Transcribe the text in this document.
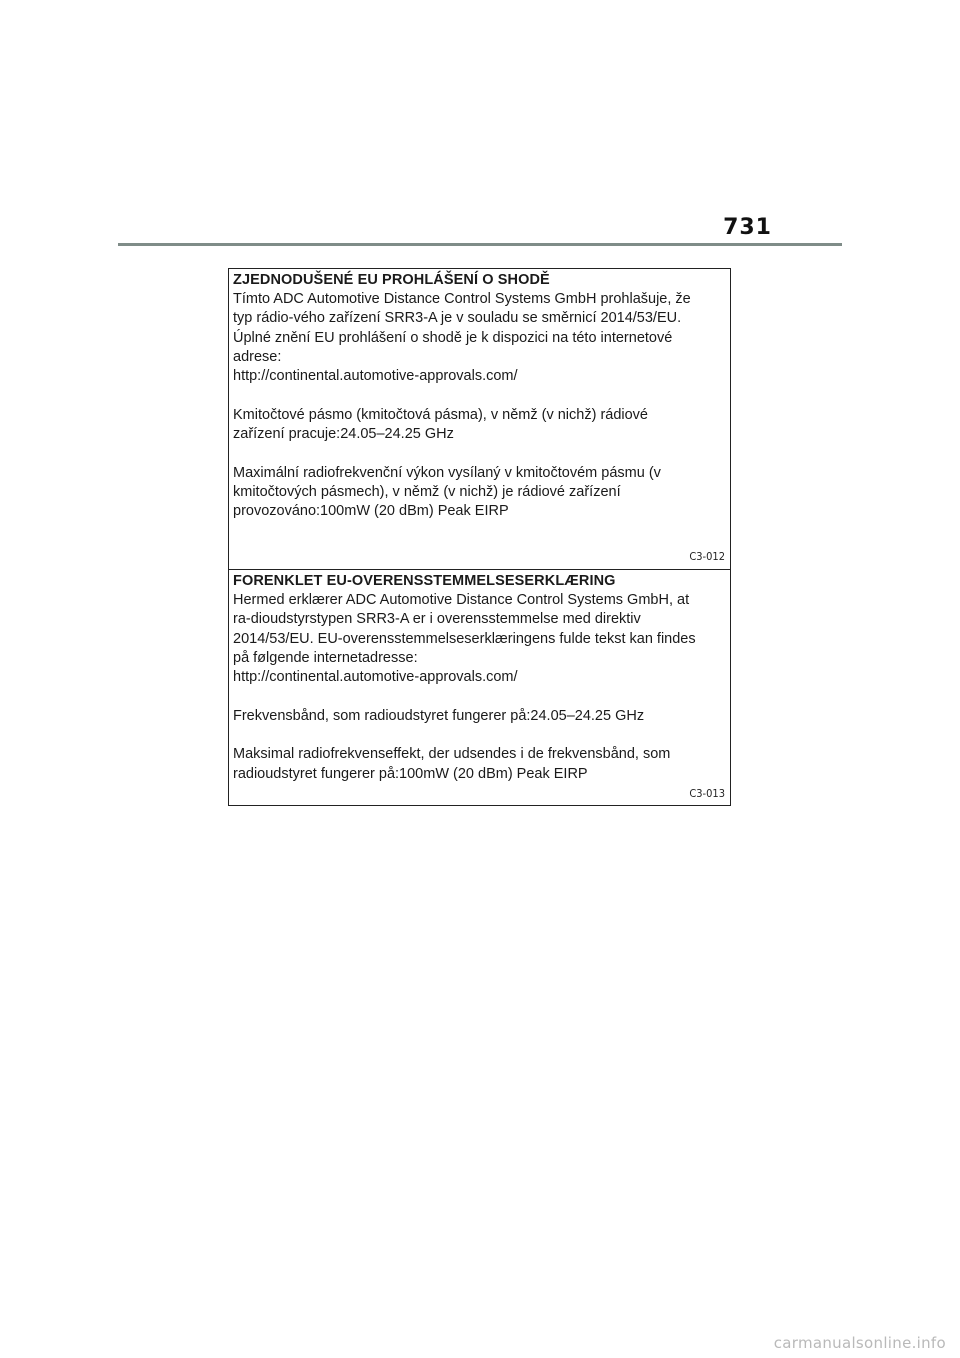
731
ZJEDNODUŠENÉ EU PROHLÁŠENÍ O SHODĚ

Tímto ADC Automotive Distance Control Systems GmbH prohlašuje, že
typ rádio-vého zařízení SRR3-A je v souladu se směrnicí 2014/53/EU.
Úplné znění EU prohlášení o shodě je k dispozici na této internetové
adrese:
http://continental.automotive-approvals.com/

Kmitočtové pásmo (kmitočtová pásma), v němž (v nichž) rádiové
zařízení pracuje:24.05–24.25 GHz

Maximální radiofrekvenční výkon vysílaný v kmitočtovém pásmu (v
kmitočtových pásmech), v němž (v nichž) je rádiové zařízení
provozováno:100mW (20 dBm) Peak EIRP

C3-012
FORENKLET EU-OVERENSSTEMMELSESERKLÆRING

Hermed erklærer ADC Automotive Distance Control Systems GmbH, at
ra-dioudstyrstypen SRR3-A er i overensstemmelse med direktiv
2014/53/EU. EU-overensstemmelseserklæringens fulde tekst kan findes
på følgende internetadresse:
http://continental.automotive-approvals.com/

Frekvensbånd, som radioudstyret fungerer på:24.05–24.25 GHz

Maksimal radiofrekvenseffekt, der udsendes i de frekvensbånd, som
radioudstyret fungerer på:100mW (20 dBm) Peak EIRP

C3-013
carmanualsonline.info
